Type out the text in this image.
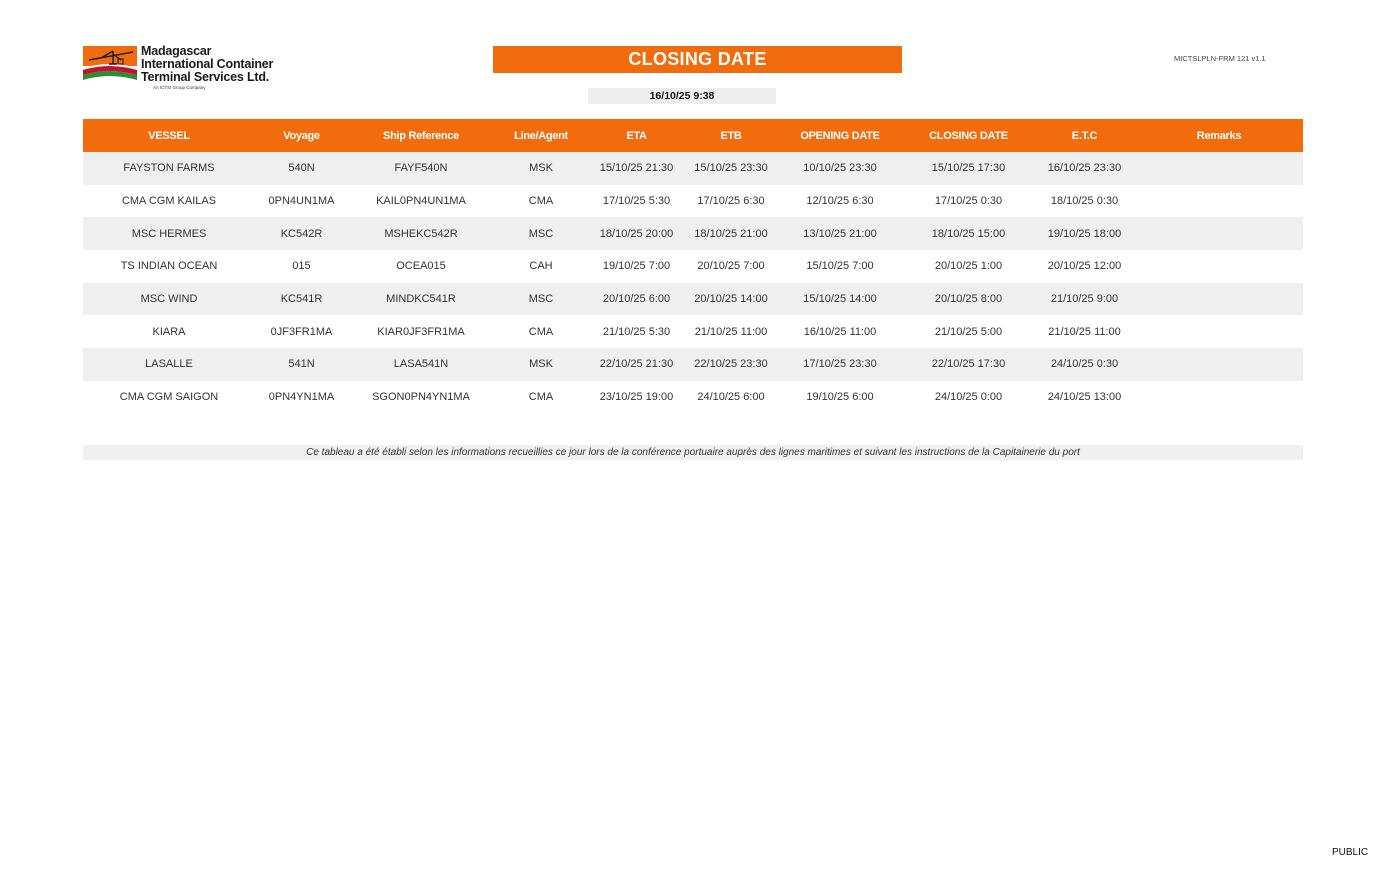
Madagascar
International Container
Terminal Services Ltd.
An ICTSI Group Company
CLOSING DATE
16/10/25 9:38
MICTSLPLN-FRM 121 v1.1
VESSEL	Voyage	Ship Reference	Line/Agent	ETA	ETB	OPENING DATE	CLOSING DATE	E.T.C	Remarks
FAYSTON FARMS	540N	FAYF540N	MSK	15/10/25 21:30	15/10/25 23:30	10/10/25 23:30	15/10/25 17:30	16/10/25 23:30	
CMA CGM KAILAS	0PN4UN1MA	KAIL0PN4UN1MA	CMA	17/10/25 5:30	17/10/25 6:30	12/10/25 6:30	17/10/25 0:30	18/10/25 0:30	
MSC HERMES	KC542R	MSHEKC542R	MSC	18/10/25 20:00	18/10/25 21:00	13/10/25 21:00	18/10/25 15:00	19/10/25 18:00	
TS INDIAN OCEAN	015	OCEA015	CAH	19/10/25 7:00	20/10/25 7:00	15/10/25 7:00	20/10/25 1:00	20/10/25 12:00	
MSC WIND	KC541R	MINDKC541R	MSC	20/10/25 6:00	20/10/25 14:00	15/10/25 14:00	20/10/25 8:00	21/10/25 9:00	
KIARA	0JF3FR1MA	KIAR0JF3FR1MA	CMA	21/10/25 5:30	21/10/25 11:00	16/10/25 11:00	21/10/25 5:00	21/10/25 11:00	
LASALLE	541N	LASA541N	MSK	22/10/25 21:30	22/10/25 23:30	17/10/25 23:30	22/10/25 17:30	24/10/25 0:30	
CMA CGM SAIGON	0PN4YN1MA	SGON0PN4YN1MA	CMA	23/10/25 19:00	24/10/25 6:00	19/10/25 6:00	24/10/25 0:00	24/10/25 13:00	
Ce tableau a été établi selon les informations recueillies ce jour lors de la conférence portuaire auprès des lignes maritimes et suivant les instructions de la Capitainerie du port
PUBLIC
